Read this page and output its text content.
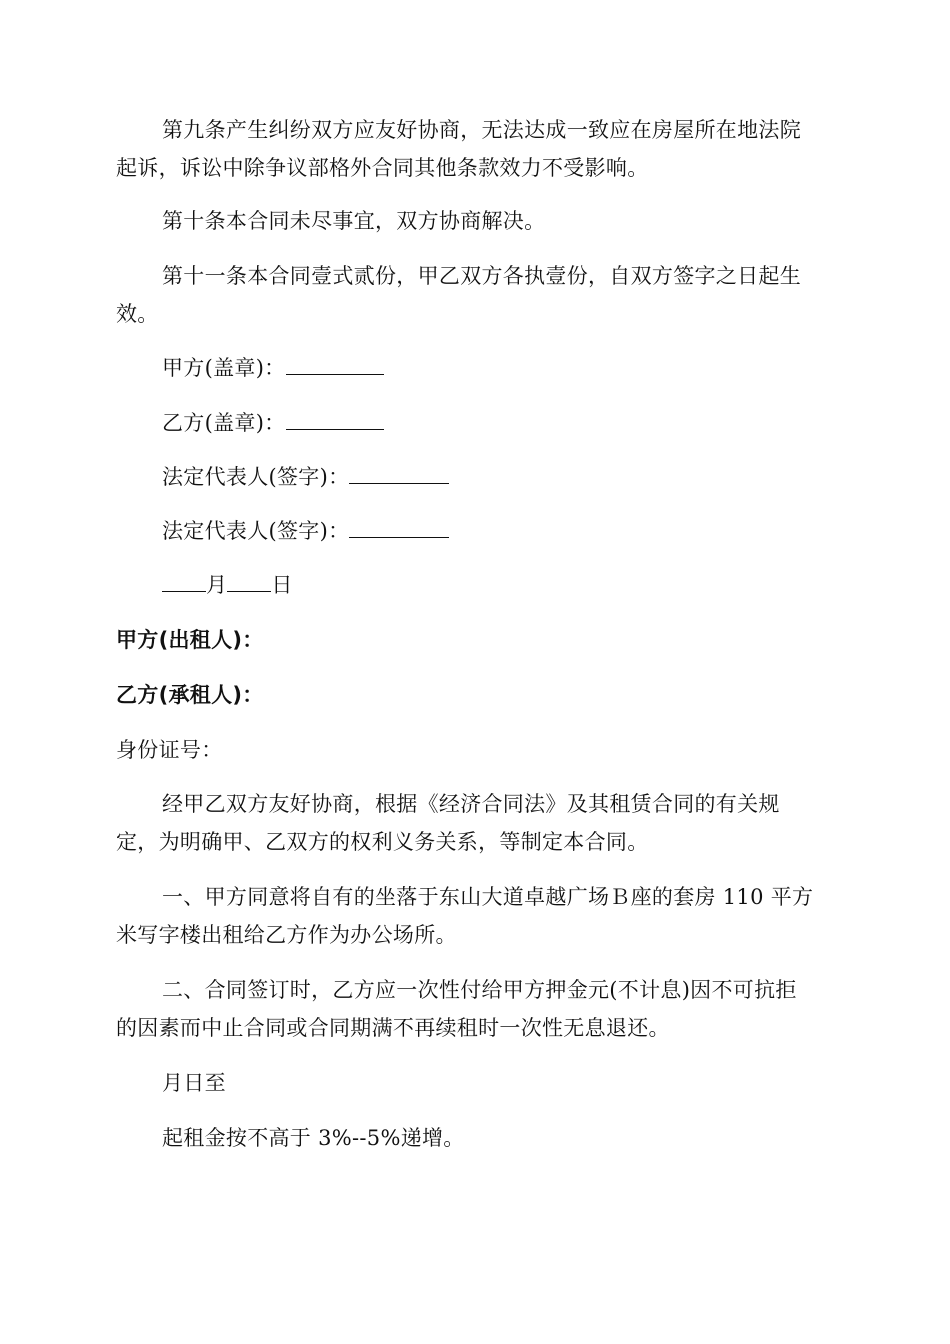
第九条产生纠纷双方应友好协商，无法达成一致应在房屋所在地法院
起诉，诉讼中除争议部格外合同其他条款效力不受影响。
第十条本合同未尽事宜，双方协商解决。
第十一条本合同壹式贰份，甲乙双方各执壹份，自双方签字之日起生
效。
甲方(盖章)：
乙方(盖章)：
法定代表人(签字)：
法定代表人(签字)：
月 日
甲方(出租人)：
乙方(承租人)：
身份证号：
经甲乙双方友好协商，根据《经济合同法》及其租赁合同的有关规
定，为明确甲、乙双方的权利义务关系，等制定本合同。
一、甲方同意将自有的坐落于东山大道卓越广场Ｂ座的套房 110 平方
米写字楼出租给乙方作为办公场所。
二、合同签订时，乙方应一次性付给甲方押金元(不计息)因不可抗拒
的因素而中止合同或合同期满不再续租时一次性无息退还。
月日至
起租金按不高于 3%--5%递增。
